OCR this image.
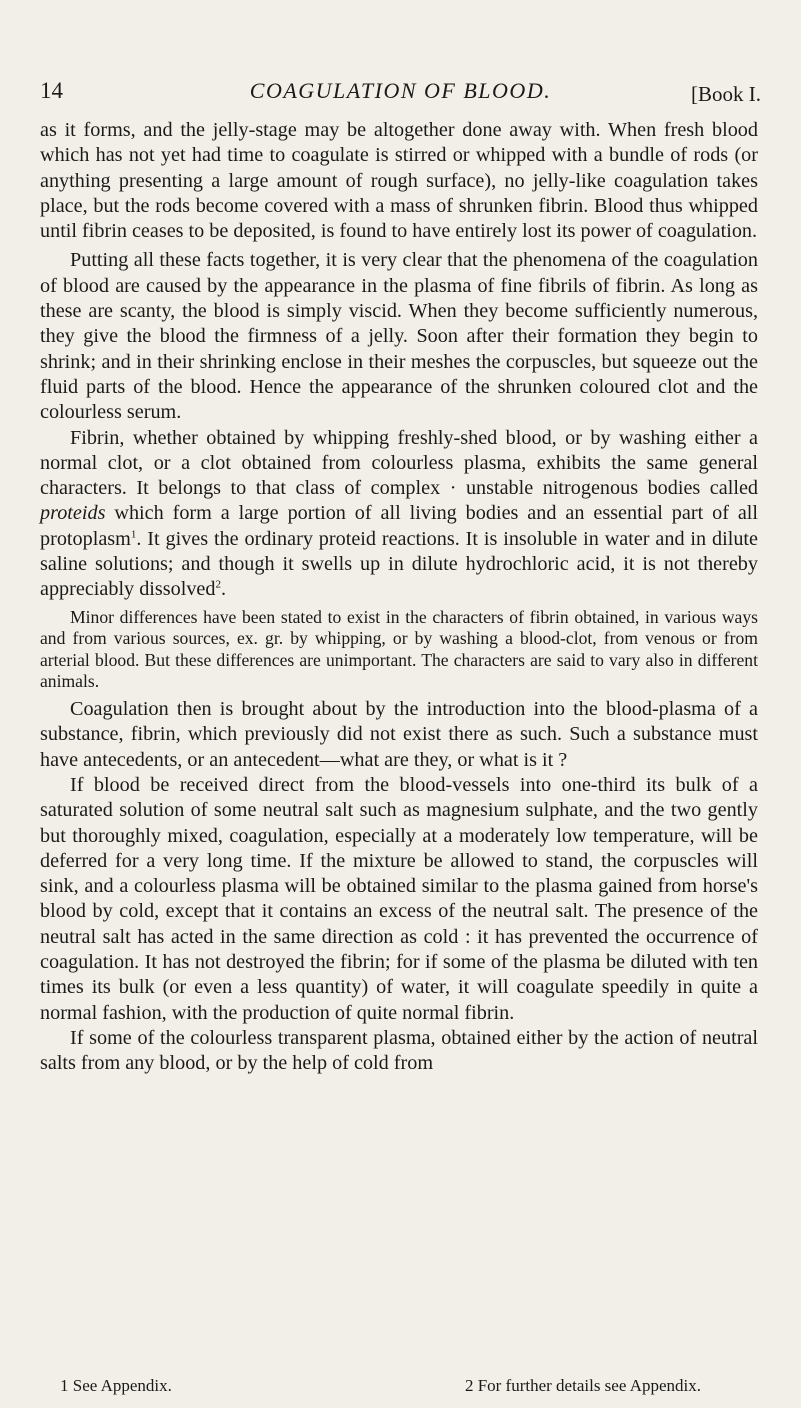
14	COAGULATION OF BLOOD.	[Book I.

as it forms, and the jelly-stage may be altogether done away with. When fresh blood which has not yet had time to coagulate is stirred or whipped with a bundle of rods (or anything presenting a large amount of rough surface), no jelly-like coagulation takes place, but the rods become covered with a mass of shrunken fibrin. Blood thus whipped until fibrin ceases to be deposited, is found to have entirely lost its power of coagulation.

Putting all these facts together, it is very clear that the phenomena of the coagulation of blood are caused by the appearance in the plasma of fine fibrils of fibrin. As long as these are scanty, the blood is simply viscid. When they become sufficiently numerous, they give the blood the firmness of a jelly. Soon after their formation they begin to shrink; and in their shrinking enclose in their meshes the corpuscles, but squeeze out the fluid parts of the blood. Hence the appearance of the shrunken coloured clot and the colourless serum.

Fibrin, whether obtained by whipping freshly-shed blood, or by washing either a normal clot, or a clot obtained from colourless plasma, exhibits the same general characters. It belongs to that class of complex · unstable nitrogenous bodies called proteids which form a large portion of all living bodies and an essential part of all protoplasm$^1$. It gives the ordinary proteid reactions. It is insoluble in water and in dilute saline solutions; and though it swells up in dilute hydrochloric acid, it is not thereby appreciably dissolved$^2$.

Minor differences have been stated to exist in the characters of fibrin obtained, in various ways and from various sources, ex. gr. by whipping, or by washing a blood-clot, from venous or from arterial blood. But these differences are unimportant. The characters are said to vary also in different animals.

Coagulation then is brought about by the introduction into the blood-plasma of a substance, fibrin, which previously did not exist there as such. Such a substance must have antecedents, or an antecedent—what are they, or what is it ?

If blood be received direct from the blood-vessels into one-third its bulk of a saturated solution of some neutral salt such as magnesium sulphate, and the two gently but thoroughly mixed, coagulation, especially at a moderately low temperature, will be deferred for a very long time. If the mixture be allowed to stand, the corpuscles will sink, and a colourless plasma will be obtained similar to the plasma gained from horse's blood by cold, except that it contains an excess of the neutral salt. The presence of the neutral salt has acted in the same direction as cold : it has prevented the occurrence of coagulation. It has not destroyed the fibrin; for if some of the plasma be diluted with ten times its bulk (or even a less quantity) of water, it will coagulate speedily in quite a normal fashion, with the production of quite normal fibrin.

If some of the colourless transparent plasma, obtained either by the action of neutral salts from any blood, or by the help of cold from

1 See Appendix.	2 For further details see Appendix.
